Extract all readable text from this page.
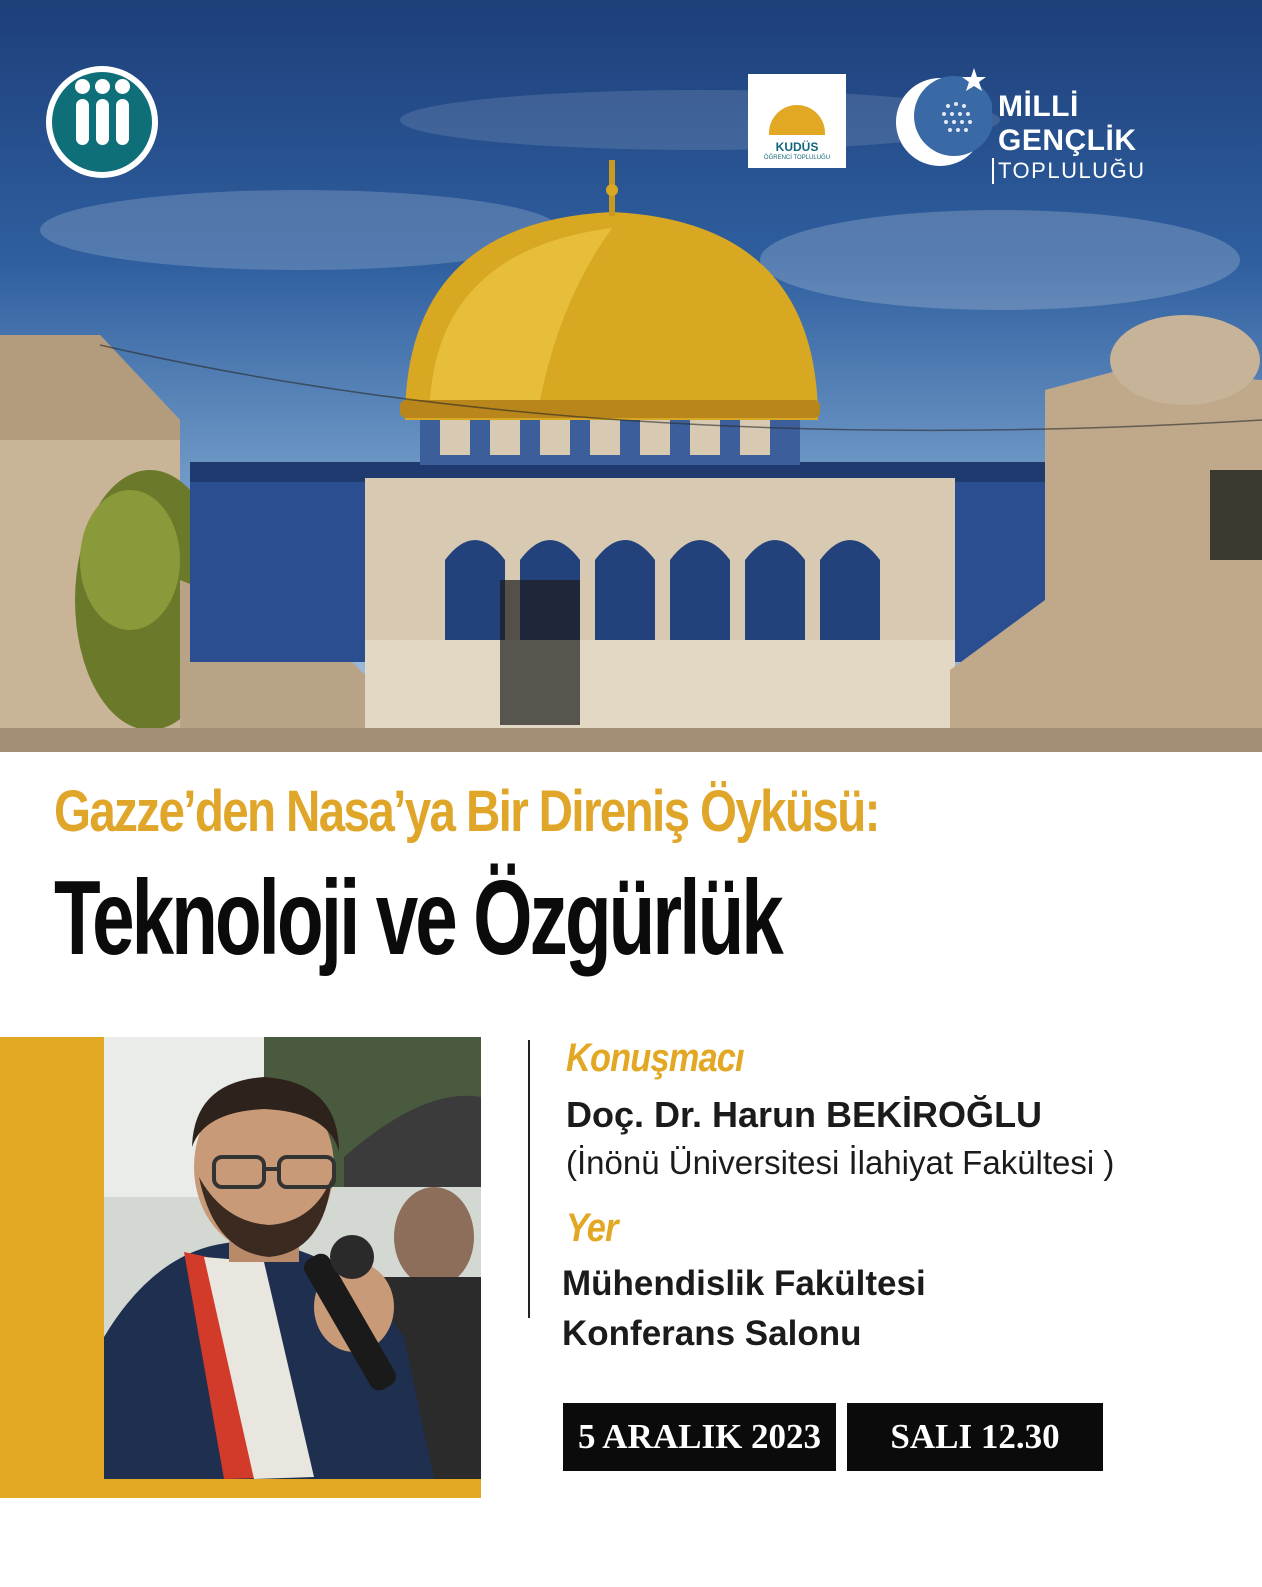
KUDÜS
ÖĞRENCİ TOPLULUĞU
MİLLİ GENÇLİK
TOPLULUĞU
Gazze’den Nasa’ya Bir Direniş Öyküsü:
Teknoloji ve Özgürlük
Konuşmacı
Doç. Dr. Harun BEKİROĞLU
(İnönü Üniversitesi İlahiyat Fakültesi )
Yer
Mühendislik Fakültesi
Konferans Salonu
5 ARALIK 2023	SALI 12.30
